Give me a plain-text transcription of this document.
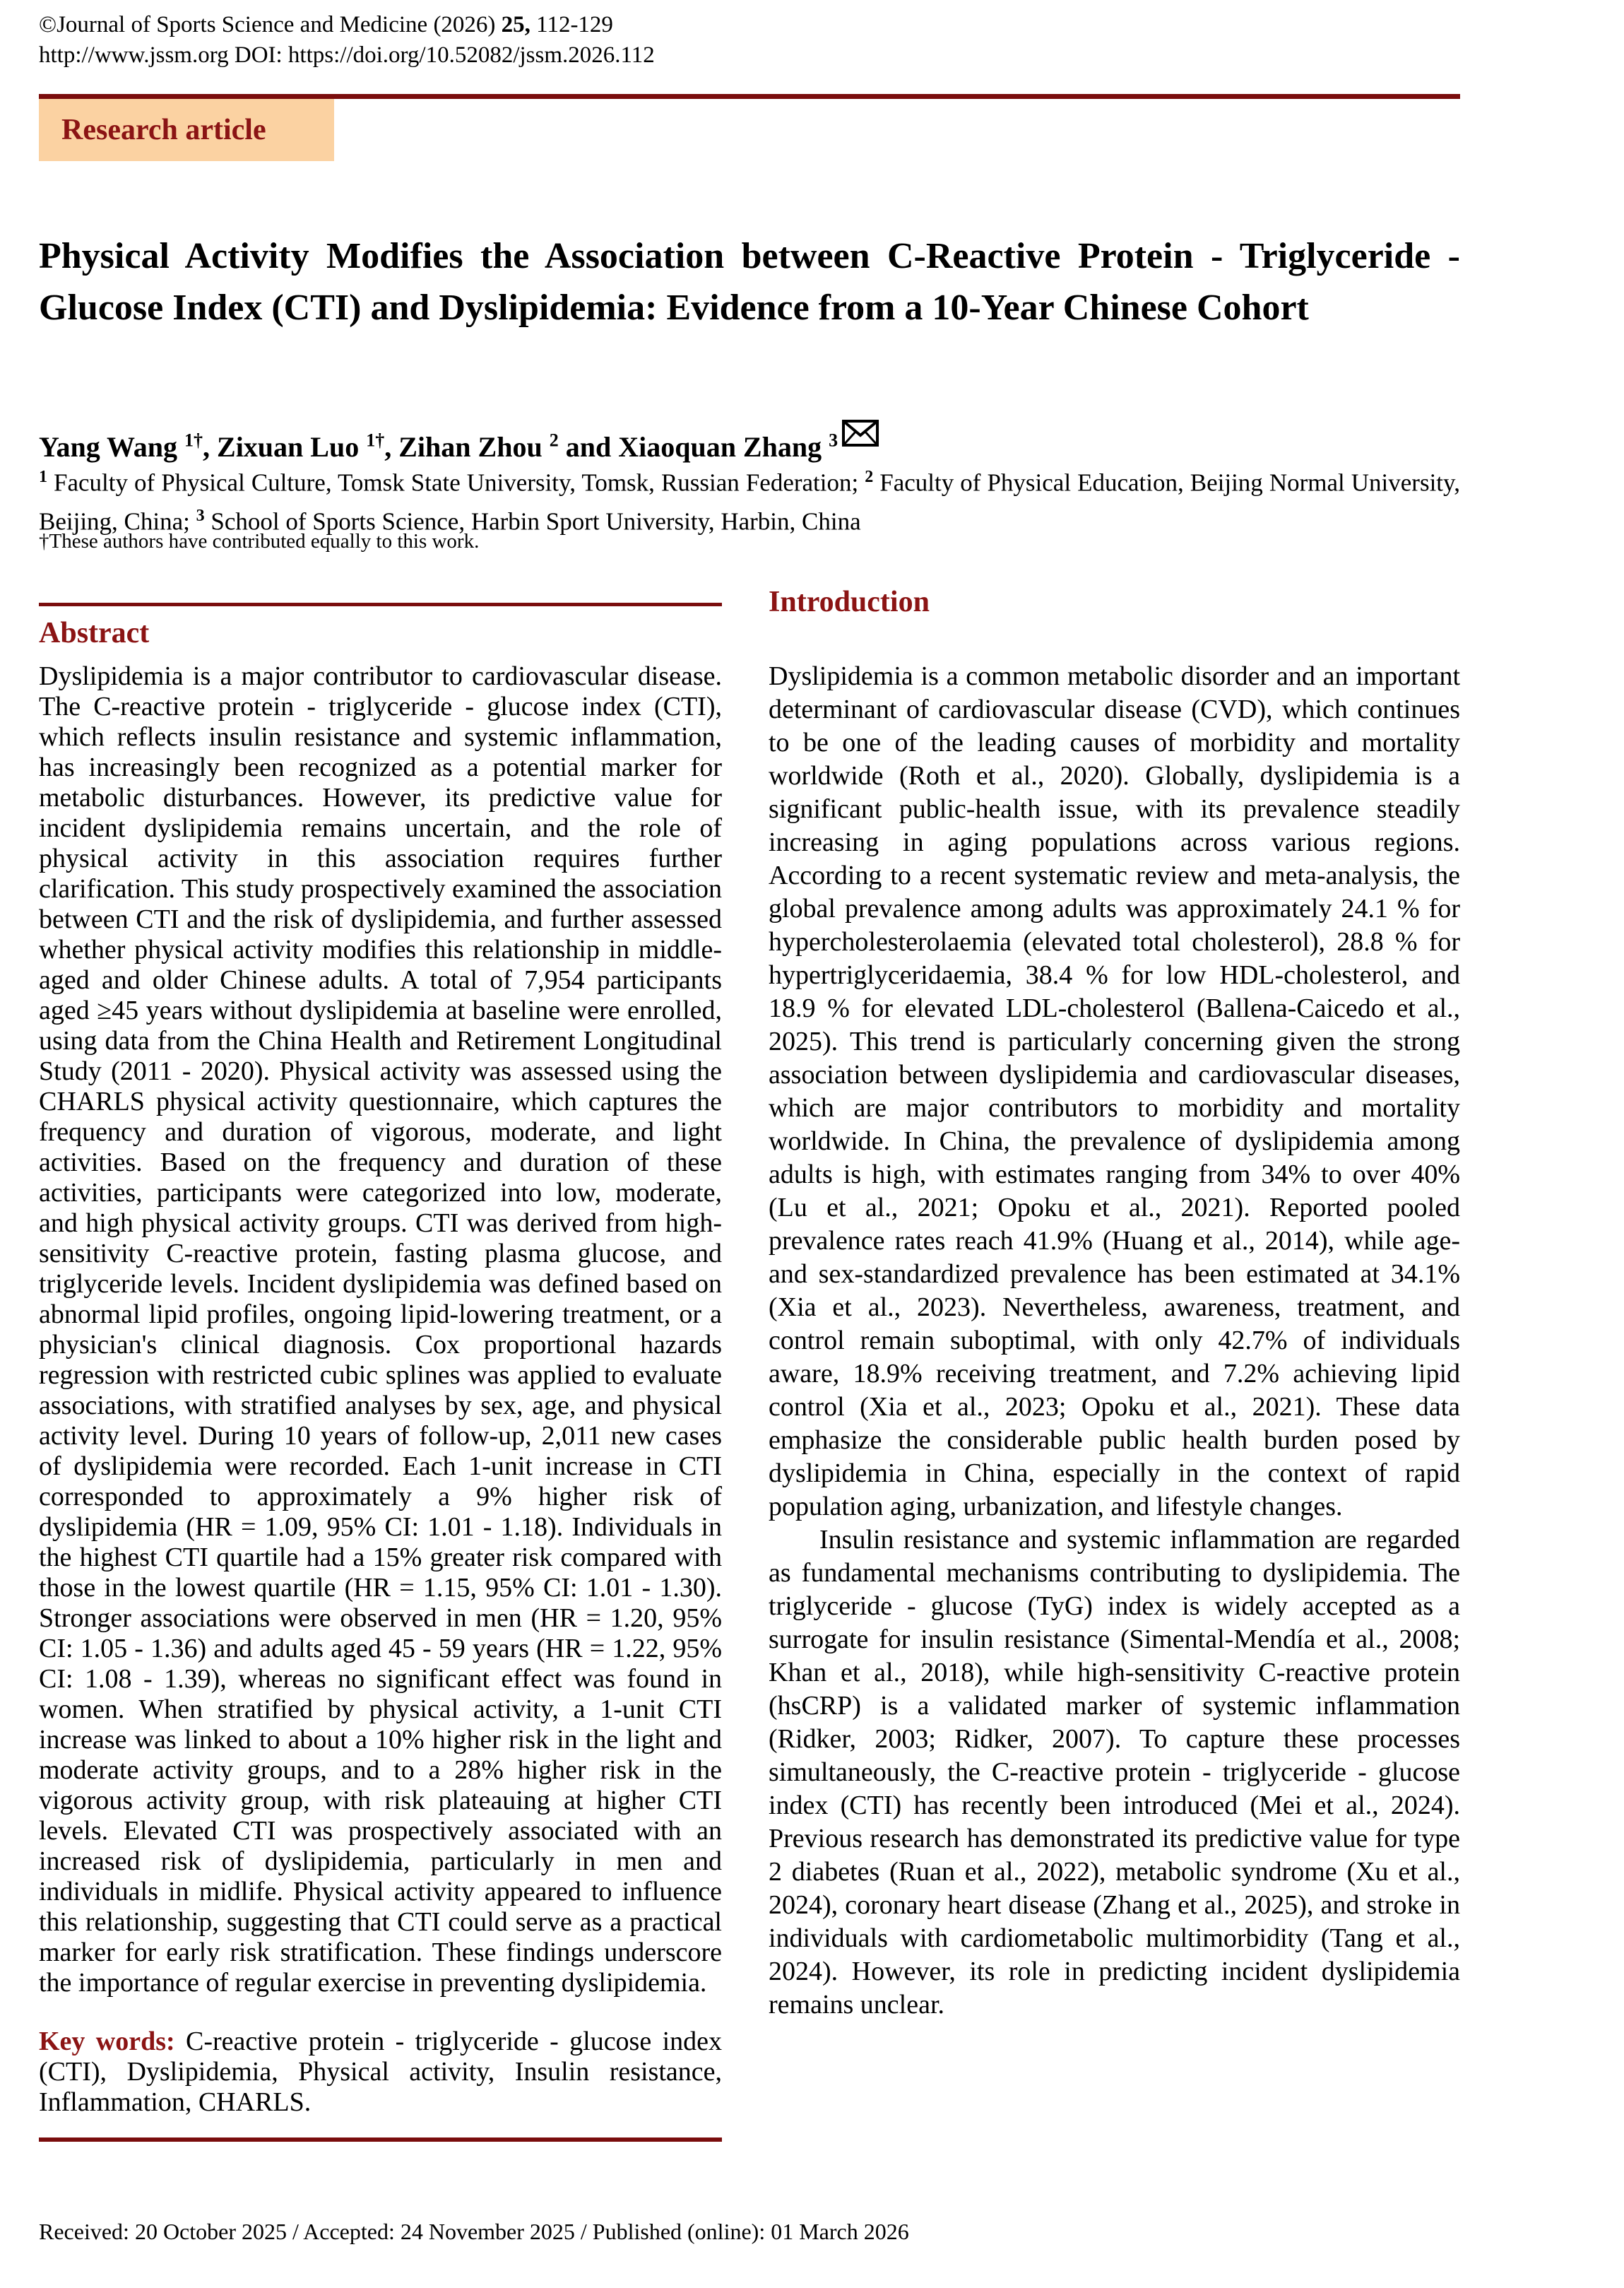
©Journal of Sports Science and Medicine (2026) 25, 112-129
http://www.jssm.org DOI: https://doi.org/10.52082/jssm.2026.112
Research article
Physical Activity Modifies the Association between C-Reactive Protein - Triglyceride - Glucose Index (CTI) and Dyslipidemia: Evidence from a 10-Year Chinese Cohort
Yang Wang $^{1\dagger}$, Zixuan Luo $^{1\dagger}$, Zihan Zhou $^2$ and Xiaoquan Zhang $^3$
$^1$ Faculty of Physical Culture, Tomsk State University, Tomsk, Russian Federation; $^2$ Faculty of Physical Education, Beijing Normal University, Beijing, China; $^3$ School of Sports Science, Harbin Sport University, Harbin, China
†These authors have contributed equally to this work.
Abstract
Dyslipidemia is a major contributor to cardiovascular disease. The C-reactive protein - triglyceride - glucose index (CTI), which reflects insulin resistance and systemic inflammation, has increasingly been recognized as a potential marker for metabolic disturbances. However, its predictive value for incident dyslipidemia remains uncertain, and the role of physical activity in this association requires further clarification. This study prospectively examined the association between CTI and the risk of dyslipidemia, and further assessed whether physical activity modifies this relationship in middle-aged and older Chinese adults. A total of 7,954 participants aged ≥45 years without dyslipidemia at baseline were enrolled, using data from the China Health and Retirement Longitudinal Study (2011 - 2020). Physical activity was assessed using the CHARLS physical activity questionnaire, which captures the frequency and duration of vigorous, moderate, and light activities. Based on the frequency and duration of these activities, participants were categorized into low, moderate, and high physical activity groups. CTI was derived from high-sensitivity C-reactive protein, fasting plasma glucose, and triglyceride levels. Incident dyslipidemia was defined based on abnormal lipid profiles, ongoing lipid-lowering treatment, or a physician's clinical diagnosis. Cox proportional hazards regression with restricted cubic splines was applied to evaluate associations, with stratified analyses by sex, age, and physical activity level. During 10 years of follow-up, 2,011 new cases of dyslipidemia were recorded. Each 1-unit increase in CTI corresponded to approximately a 9% higher risk of dyslipidemia (HR = 1.09, 95% CI: 1.01 - 1.18). Individuals in the highest CTI quartile had a 15% greater risk compared with those in the lowest quartile (HR = 1.15, 95% CI: 1.01 - 1.30). Stronger associations were observed in men (HR = 1.20, 95% CI: 1.05 - 1.36) and adults aged 45 - 59 years (HR = 1.22, 95% CI: 1.08 - 1.39), whereas no significant effect was found in women. When stratified by physical activity, a 1-unit CTI increase was linked to about a 10% higher risk in the light and moderate activity groups, and to a 28% higher risk in the vigorous activity group, with risk plateauing at higher CTI levels. Elevated CTI was prospectively associated with an increased risk of dyslipidemia, particularly in men and individuals in midlife. Physical activity appeared to influence this relationship, suggesting that CTI could serve as a practical marker for early risk stratification. These findings underscore the importance of regular exercise in preventing dyslipidemia.
Key words: C-reactive protein - triglyceride - glucose index (CTI), Dyslipidemia, Physical activity, Insulin resistance, Inflammation, CHARLS.
Introduction

Dyslipidemia is a common metabolic disorder and an important determinant of cardiovascular disease (CVD), which continues to be one of the leading causes of morbidity and mortality worldwide (Roth et al., 2020). Globally, dyslipidemia is a significant public-health issue, with its prevalence steadily increasing in aging populations across various regions. According to a recent systematic review and meta-analysis, the global prevalence among adults was approximately 24.1 % for hypercholesterolaemia (elevated total cholesterol), 28.8 % for hypertriglyceridaemia, 38.4 % for low HDL-cholesterol, and 18.9 % for elevated LDL-cholesterol (Ballena-Caicedo et al., 2025). This trend is particularly concerning given the strong association between dyslipidemia and cardiovascular diseases, which are major contributors to morbidity and mortality worldwide. In China, the prevalence of dyslipidemia among adults is high, with estimates ranging from 34% to over 40% (Lu et al., 2021; Opoku et al., 2021). Reported pooled prevalence rates reach 41.9% (Huang et al., 2014), while age- and sex-standardized prevalence has been estimated at 34.1% (Xia et al., 2023). Nevertheless, awareness, treatment, and control remain suboptimal, with only 42.7% of individuals aware, 18.9% receiving treatment, and 7.2% achieving lipid control (Xia et al., 2023; Opoku et al., 2021). These data emphasize the considerable public health burden posed by dyslipidemia in China, especially in the context of rapid population aging, urbanization, and lifestyle changes.

Insulin resistance and systemic inflammation are regarded as fundamental mechanisms contributing to dyslipidemia. The triglyceride - glucose (TyG) index is widely accepted as a surrogate for insulin resistance (Simental-Mendía et al., 2008; Khan et al., 2018), while high-sensitivity C-reactive protein (hsCRP) is a validated marker of systemic inflammation (Ridker, 2003; Ridker, 2007). To capture these processes simultaneously, the C-reactive protein - triglyceride - glucose index (CTI) has recently been introduced (Mei et al., 2024). Previous research has demonstrated its predictive value for type 2 diabetes (Ruan et al., 2022), metabolic syndrome (Xu et al., 2024), coronary heart disease (Zhang et al., 2025), and stroke in individuals with cardiometabolic multimorbidity (Tang et al., 2024). However, its role in predicting incident dyslipidemia remains unclear.

Received: 20 October 2025 / Accepted: 24 November 2025 / Published (online): 01 March 2026
